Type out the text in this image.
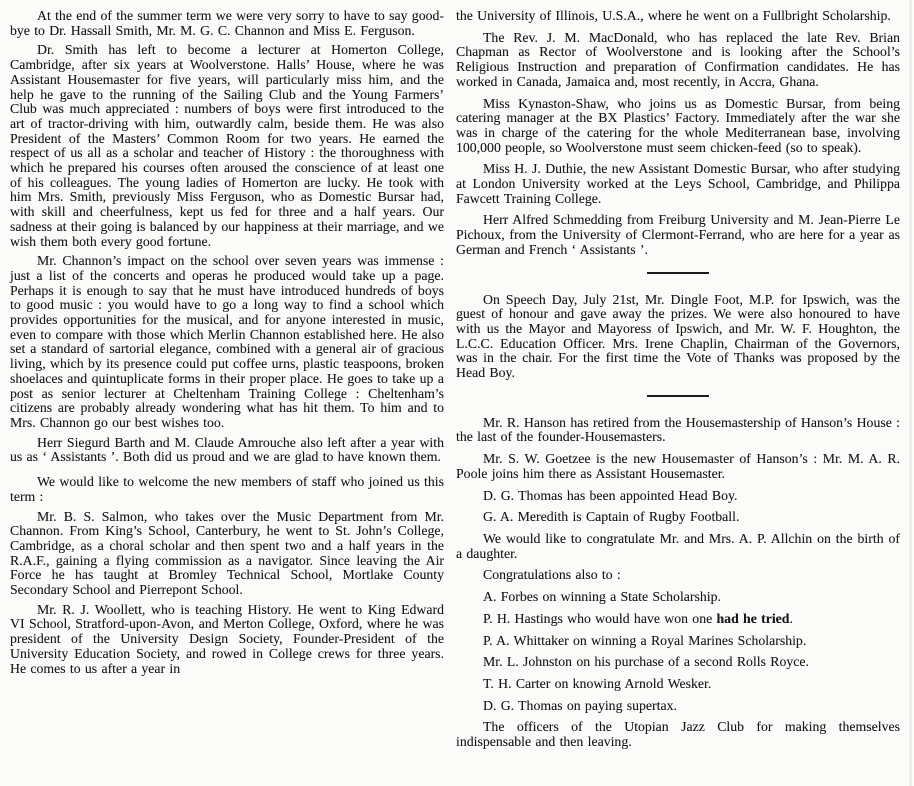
At the end of the summer term we were very sorry to have to say good-bye to Dr. Hassall Smith, Mr. M. G. C. Channon and Miss E. Ferguson.

Dr. Smith has left to become a lecturer at Homerton College, Cambridge, after six years at Woolverstone. Halls’ House, where he was Assistant Housemaster for five years, will particularly miss him, and the help he gave to the running of the Sailing Club and the Young Farmers’ Club was much appreciated : numbers of boys were first introduced to the art of tractor-driving with him, outwardly calm, beside them. He was also President of the Masters’ Common Room for two years. He earned the respect of us all as a scholar and teacher of History : the thoroughness with which he prepared his courses often aroused the conscience of at least one of his colleagues. The young ladies of Homerton are lucky. He took with him Mrs. Smith, previously Miss Ferguson, who as Domestic Bursar had, with skill and cheerfulness, kept us fed for three and a half years. Our sadness at their going is balanced by our happiness at their marriage, and we wish them both every good fortune.

Mr. Channon’s impact on the school over seven years was immense : just a list of the concerts and operas he produced would take up a page. Perhaps it is enough to say that he must have introduced hundreds of boys to good music : you would have to go a long way to find a school which provides opportunities for the musical, and for anyone interested in music, even to compare with those which Merlin Channon established here. He also set a standard of sartorial elegance, combined with a general air of gracious living, which by its presence could put coffee urns, plastic teaspoons, broken shoelaces and quintuplicate forms in their proper place. He goes to take up a post as senior lecturer at Cheltenham Training College : Cheltenham’s citizens are probably already wondering what has hit them. To him and to Mrs. Channon go our best wishes too.

Herr Siegurd Barth and M. Claude Amrouche also left after a year with us as ‘ Assistants ’. Both did us proud and we are glad to have known them.

We would like to welcome the new members of staff who joined us this term :

Mr. B. S. Salmon, who takes over the Music Department from Mr. Channon. From King’s School, Canterbury, he went to St. John’s College, Cambridge, as a choral scholar and then spent two and a half years in the R.A.F., gaining a flying commission as a navigator. Since leaving the Air Force he has taught at Bromley Technical School, Mortlake County Secondary School and Pierrepont School.

Mr. R. J. Woollett, who is teaching History. He went to King Edward VI School, Stratford-upon-Avon, and Merton College, Oxford, where he was president of the University Design Society, Founder-President of the University Education Society, and rowed in College crews for three years. He comes to us after a year in

the University of Illinois, U.S.A., where he went on a Fullbright Scholarship.

The Rev. J. M. MacDonald, who has replaced the late Rev. Brian Chapman as Rector of Woolverstone and is looking after the School’s Religious Instruction and preparation of Confirmation candidates. He has worked in Canada, Jamaica and, most recently, in Accra, Ghana.

Miss Kynaston-Shaw, who joins us as Domestic Bursar, from being catering manager at the BX Plastics’ Factory. Immediately after the war she was in charge of the catering for the whole Mediterranean base, involving 100,000 people, so Woolverstone must seem chicken-feed (so to speak).

Miss H. J. Duthie, the new Assistant Domestic Bursar, who after studying at London University worked at the Leys School, Cambridge, and Philippa Fawcett Training College.

Herr Alfred Schmedding from Freiburg University and M. Jean-Pierre Le Pichoux, from the University of Clermont-Ferrand, who are here for a year as German and French ‘ Assistants ’.

On Speech Day, July 21st, Mr. Dingle Foot, M.P. for Ipswich, was the guest of honour and gave away the prizes. We were also honoured to have with us the Mayor and Mayoress of Ipswich, and Mr. W. F. Houghton, the L.C.C. Education Officer. Mrs. Irene Chaplin, Chairman of the Governors, was in the chair. For the first time the Vote of Thanks was proposed by the Head Boy.

Mr. R. Hanson has retired from the Housemastership of Hanson’s House : the last of the founder-Housemasters.

Mr. S. W. Goetzee is the new Housemaster of Hanson’s : Mr. M. A. R. Poole joins him there as Assistant Housemaster.

D. G. Thomas has been appointed Head Boy.

G. A. Meredith is Captain of Rugby Football.

We would like to congratulate Mr. and Mrs. A. P. Allchin on the birth of a daughter.

Congratulations also to :

A. Forbes on winning a State Scholarship.

P. H. Hastings who would have won one had he tried.

P. A. Whittaker on winning a Royal Marines Scholarship.

Mr. L. Johnston on his purchase of a second Rolls Royce.

T. H. Carter on knowing Arnold Wesker.

D. G. Thomas on paying supertax.

The officers of the Utopian Jazz Club for making themselves indispensable and then leaving.
